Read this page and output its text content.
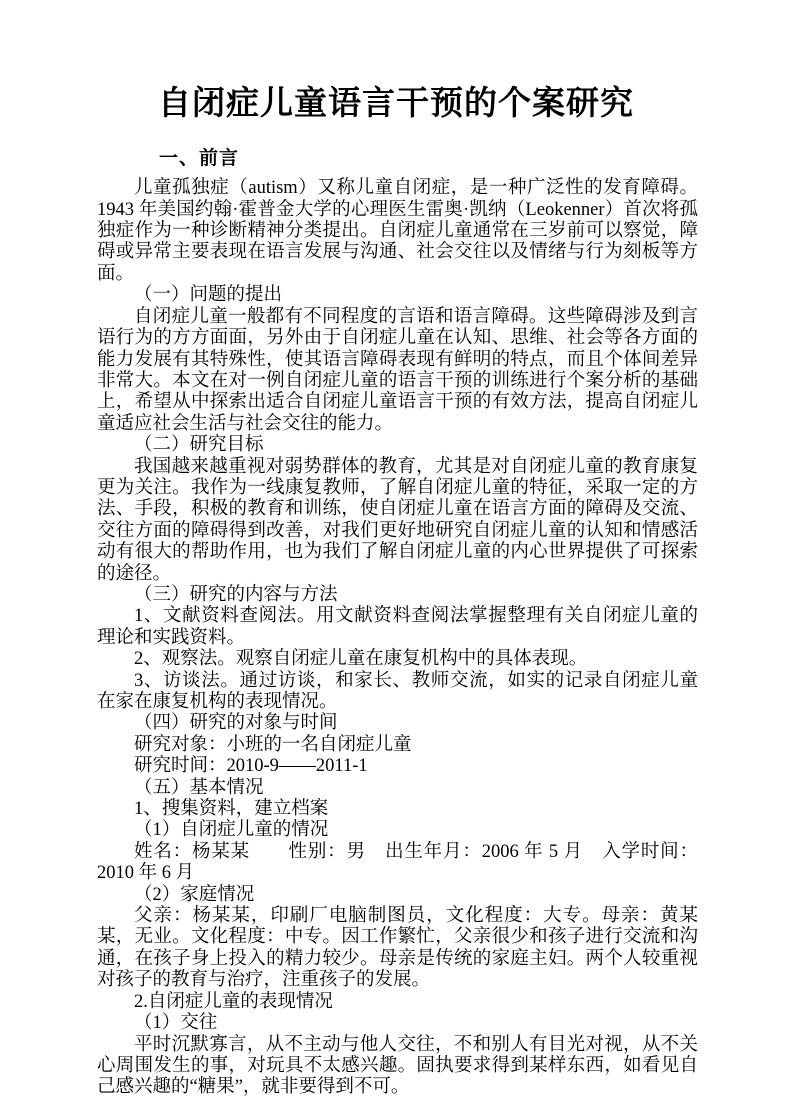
自闭症儿童语言干预的个案研究

一、前言

儿童孤独症（autism）又称儿童自闭症，是一种广泛性的发育障碍。1943 年美国约翰·霍普金大学的心理医生雷奥·凯纳（Leokenner）首次将孤独症作为一种诊断精神分类提出。自闭症儿童通常在三岁前可以察觉，障碍或异常主要表现在语言发展与沟通、社会交往以及情绪与行为刻板等方面。

（一）问题的提出

自闭症儿童一般都有不同程度的言语和语言障碍。这些障碍涉及到言语行为的方方面面，另外由于自闭症儿童在认知、思维、社会等各方面的能力发展有其特殊性，使其语言障碍表现有鲜明的特点，而且个体间差异非常大。本文在对一例自闭症儿童的语言干预的训练进行个案分析的基础上，希望从中探索出适合自闭症儿童语言干预的有效方法，提高自闭症儿童适应社会生活与社会交往的能力。

（二）研究目标

我国越来越重视对弱势群体的教育，尤其是对自闭症儿童的教育康复更为关注。我作为一线康复教师，了解自闭症儿童的特征，采取一定的方法、手段，积极的教育和训练，使自闭症儿童在语言方面的障碍及交流、交往方面的障碍得到改善，对我们更好地研究自闭症儿童的认知和情感活动有很大的帮助作用，也为我们了解自闭症儿童的内心世界提供了可探索的途径。

（三）研究的内容与方法

1、文献资料查阅法。用文献资料查阅法掌握整理有关自闭症儿童的理论和实践资料。

2、观察法。观察自闭症儿童在康复机构中的具体表现。

3、访谈法。通过访谈，和家长、教师交流，如实的记录自闭症儿童在家在康复机构的表现情况。

（四）研究的对象与时间

研究对象：小班的一名自闭症儿童

研究时间：2010-9——2011-1

（五）基本情况

1、搜集资料，建立档案

（1）自闭症儿童的情况

姓名：杨某某　　性别：男　出生年月：2006 年 5 月　入学时间：2010 年 6 月

（2）家庭情况

父亲：杨某某，印刷厂电脑制图员，文化程度：大专。母亲：黄某某，无业。文化程度：中专。因工作繁忙，父亲很少和孩子进行交流和沟通，在孩子身上投入的精力较少。母亲是传统的家庭主妇。两个人较重视对孩子的教育与治疗，注重孩子的发展。

2.自闭症儿童的表现情况

（1）交往

平时沉默寡言，从不主动与他人交往，不和别人有目光对视，从不关心周围发生的事，对玩具不太感兴趣。固执要求得到某样东西，如看见自己感兴趣的“糖果”，就非要得到不可。
